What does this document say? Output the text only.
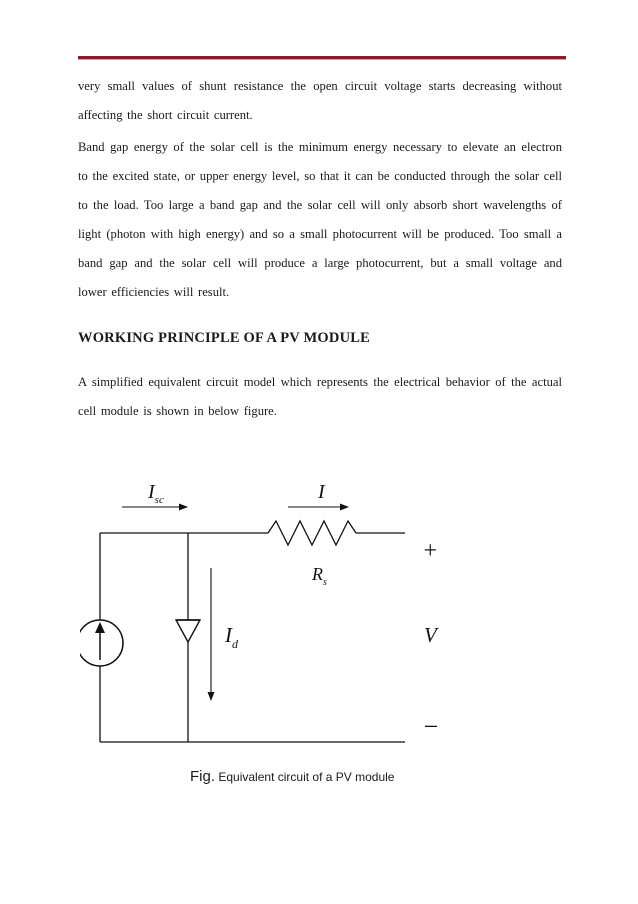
very small values of shunt resistance the open circuit voltage starts decreasing without affecting the short circuit current.

Band gap energy of the solar cell is the minimum energy necessary to elevate an electron to the excited state, or upper energy level, so that it can be conducted through the solar cell to the load. Too large a band gap and the solar cell will only absorb short wavelengths of light (photon with high energy) and so a small photocurrent will be produced. Too small a band gap and the solar cell will produce a large photocurrent, but a small voltage and lower efficiencies will result.

WORKING PRINCIPLE OF A PV MODULE

A simplified equivalent circuit model which represents the electrical behavior of the actual cell module is shown in below figure.

$I_{sc}$	I
$R_s$
$I_d$	V
+
−
Fig. Equivalent circuit of a PV module
